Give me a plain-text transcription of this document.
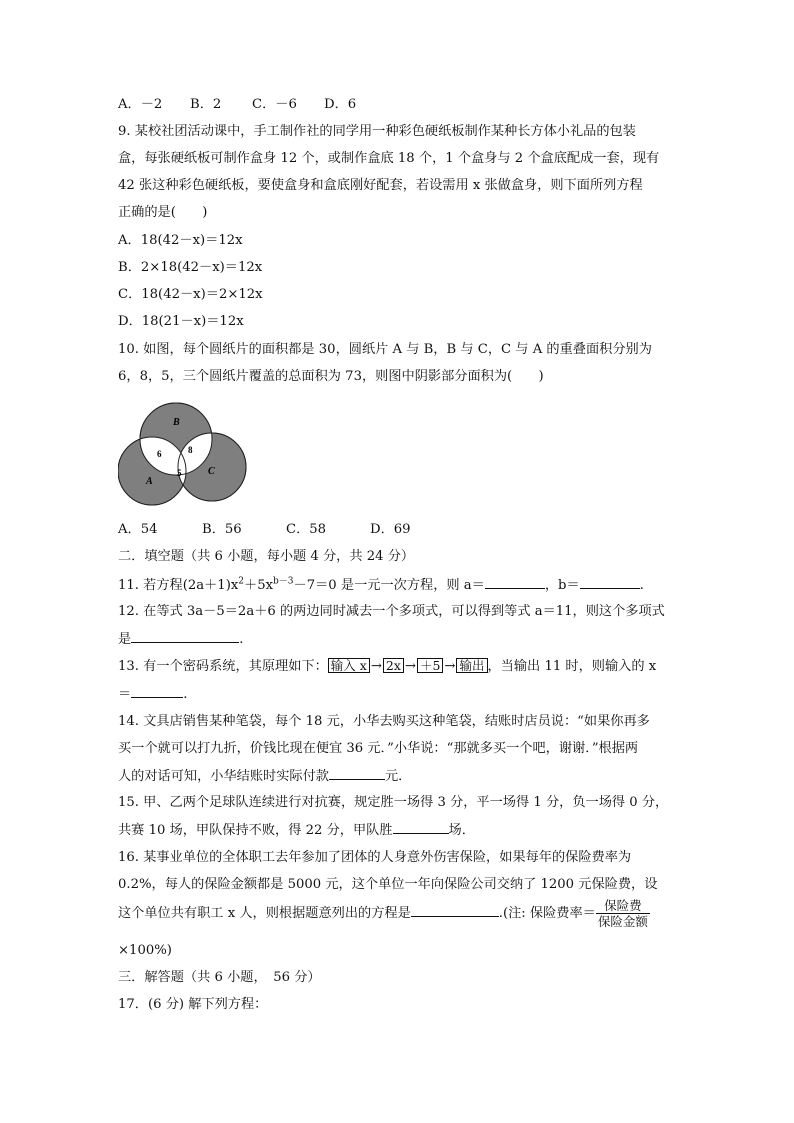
A．－2 B．2 C．－6 D．6
9. 某校社团活动课中，手工制作社的同学用一种彩色硬纸板制作某种长方体小礼品的包装
盒，每张硬纸板可制作盒身 12 个，或制作盒底 18 个，1 个盒身与 2 个盒底配成一套，现有
42 张这种彩色硬纸板，要使盒身和盒底刚好配套，若设需用 x 张做盒身，则下面所列方程
正确的是(　　)
A．18(42－x)＝12x
B．2×18(42－x)＝12x
C．18(42－x)＝2×12x
D．18(21－x)＝12x
10. 如图，每个圆纸片的面积都是 30，圆纸片 A 与 B，B 与 C，C 与 A 的重叠面积分别为
6，8，5，三个圆纸片覆盖的总面积为 73，则图中阴影部分面积为(　　)
B
A
C
6	8
5
A．54	B．56	C．58	D．69
二．填空题（共 6 小题，每小题 4 分，共 24 分）
11. 若方程$(2a+1)x^2+5x^{b-3}-7=0$ 是一元一次方程，则 a＝	，b＝	.
12. 在等式 3a－5＝2a＋6 的两边同时减去一个多项式，可以得到等式 a＝11，则这个多项式
是	.
13. 有一个密码系统，其原理如下： 输入 x → 2x → ＋5 → 输出 ，当输出 11 时，则输入的 x
＝	.
14. 文具店销售某种笔袋，每个 18 元，小华去购买这种笔袋，结账时店员说：“如果你再多
买一个就可以打九折，价钱比现在便宜 36 元．”小华说：“那就多买一个吧，谢谢．”根据两
人的对话可知，小华结账时实际付款	元．
15. 甲、乙两个足球队连续进行对抗赛，规定胜一场得 3 分，平一场得 1 分，负一场得 0 分，
共赛 10 场，甲队保持不败，得 22 分，甲队胜	场．
16. 某事业单位的全体职工去年参加了团体的人身意外伤害保险，如果每年的保险费率为
0.2%，每人的保险金额都是 5000 元，这个单位一年向保险公司交纳了 1200 元保险费，设
这个单位共有职工 x 人，则根据题意列出的方程是	.(注: 保险费率＝ $\frac{\text{保险费}}{\text{保险金额}}$
×100%)
三．解答题（共 6 小题，　56 分）
17．(6 分) 解下列方程：
